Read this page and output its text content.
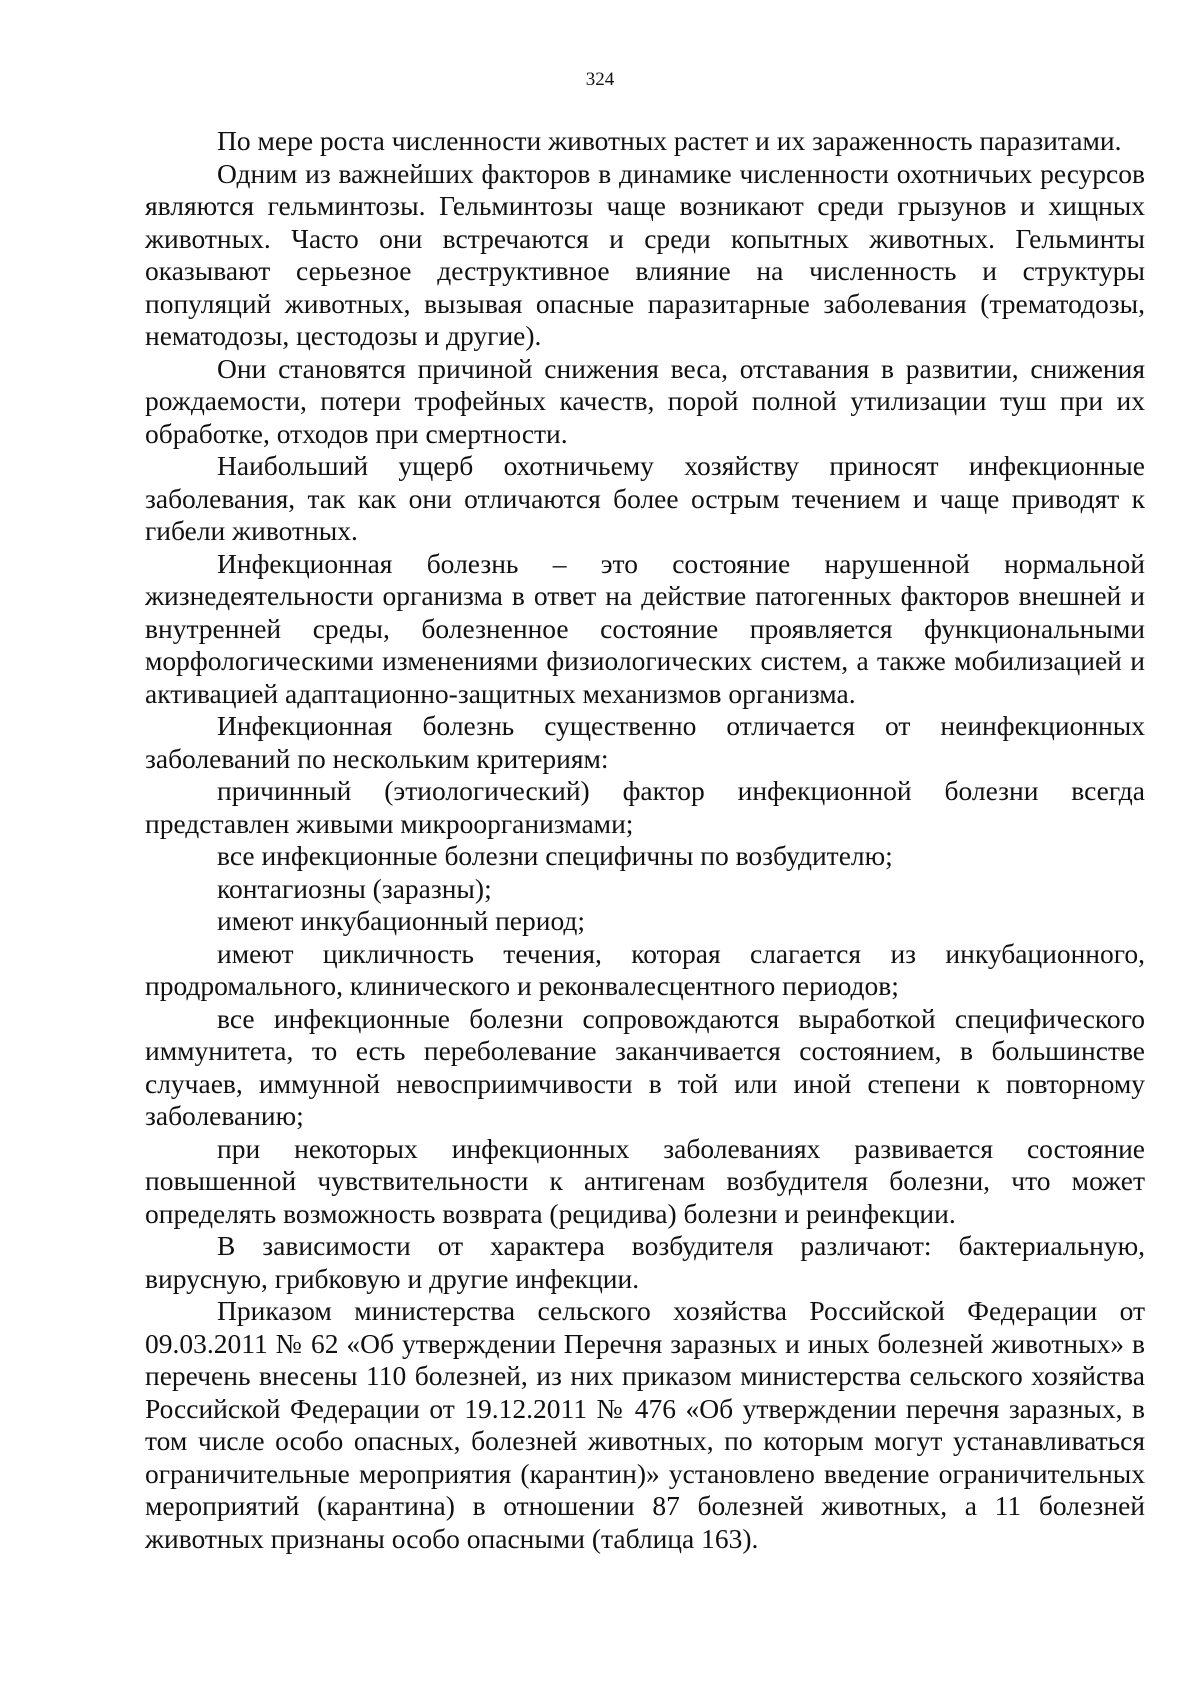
324

По мере роста численности животных растет и их зараженность паразитами.

Одним из важнейших факторов в динамике численности охотничьих ресурсов являются гельминтозы. Гельминтозы чаще возникают среди грызунов и хищных животных. Часто они встречаются и среди копытных животных. Гельминты оказывают серьезное деструктивное влияние на численность и структуры популяций животных, вызывая опасные паразитарные заболевания (трематодозы, нематодозы, цестодозы и другие).

Они становятся причиной снижения веса, отставания в развитии, снижения рождаемости, потери трофейных качеств, порой полной утилизации туш при их обработке, отходов при смертности.

Наибольший ущерб охотничьему хозяйству приносят инфекционные заболевания, так как они отличаются более острым течением и чаще приводят к гибели животных.

Инфекционная болезнь – это состояние нарушенной нормальной жизнедеятельности организма в ответ на действие патогенных факторов внешней и внутренней среды, болезненное состояние проявляется функциональными морфологическими изменениями физиологических систем, а также мобилизацией и активацией адаптационно-защитных механизмов организма.

Инфекционная болезнь существенно отличается от неинфекционных заболеваний по нескольким критериям:

причинный (этиологический) фактор инфекционной болезни всегда представлен живыми микроорганизмами;

все инфекционные болезни специфичны по возбудителю;

контагиозны (заразны);

имеют инкубационный период;

имеют цикличность течения, которая слагается из инкубационного, продромального, клинического и реконвалесцентного периодов;

все инфекционные болезни сопровождаются выработкой специфического иммунитета, то есть переболевание заканчивается состоянием, в большинстве случаев, иммунной невосприимчивости в той или иной степени к повторному заболеванию;

при некоторых инфекционных заболеваниях развивается состояние повышенной чувствительности к антигенам возбудителя болезни, что может определять возможность возврата (рецидива) болезни и реинфекции.

В зависимости от характера возбудителя различают: бактериальную, вирусную, грибковую и другие инфекции.

Приказом министерства сельского хозяйства Российской Федерации от 09.03.2011 № 62 «Об утверждении Перечня заразных и иных болезней животных» в перечень внесены 110 болезней, из них приказом министерства сельского хозяйства Российской Федерации от 19.12.2011 № 476 «Об утверждении перечня заразных, в том числе особо опасных, болезней животных, по которым могут устанавливаться ограничительные мероприятия (карантин)» установлено введение ограничительных мероприятий (карантина) в отношении 87 болезней животных, а 11 болезней животных признаны особо опасными (таблица 163).
